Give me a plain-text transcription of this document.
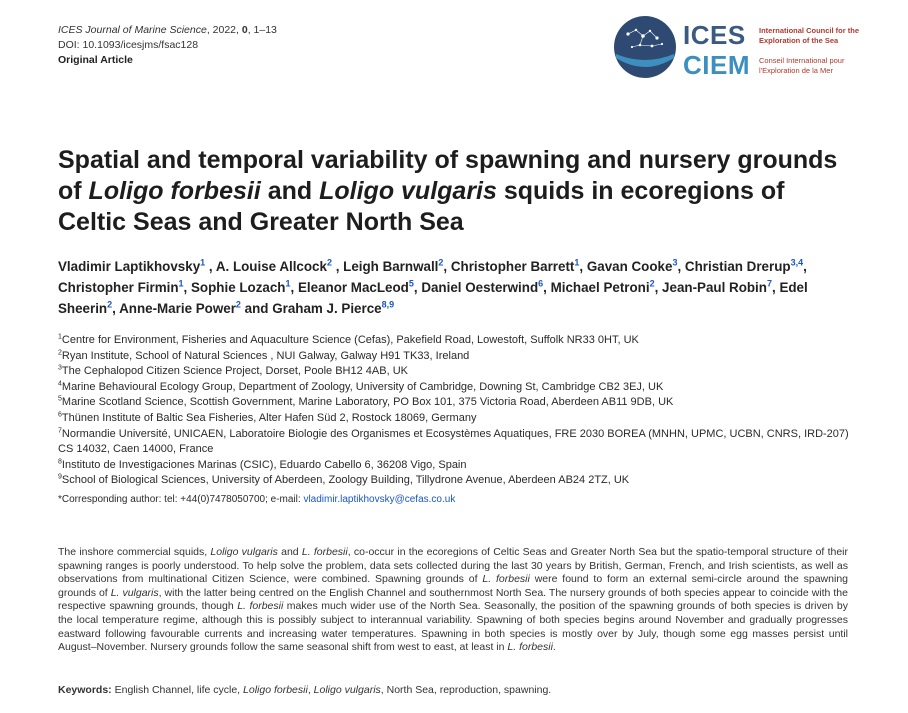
ICES Journal of Marine Science, 2022, 0, 1–13
DOI: 10.1093/icesjms/fsac128
Original Article
ICES
CIEM
International Council for the Exploration of the Sea
Conseil International pour l'Exploration de la Mer
Spatial and temporal variability of spawning and nursery grounds of Loligo forbesii and Loligo vulgaris squids in ecoregions of Celtic Seas and Greater North Sea
Vladimir Laptikhovsky$^1$ , A. Louise Allcock$^2$ , Leigh Barnwall$^2$, Christopher Barrett$^1$, Gavan Cooke$^3$, Christian Drerup$^{3,4}$, Christopher Firmin$^1$, Sophie Lozach$^1$, Eleanor MacLeod$^5$, Daniel Oesterwind$^6$, Michael Petroni$^2$, Jean-Paul Robin$^7$, Edel Sheerin$^2$, Anne-Marie Power$^2$ and Graham J. Pierce$^{8,9}$
$^1$Centre for Environment, Fisheries and Aquaculture Science (Cefas), Pakefield Road, Lowestoft, Suffolk NR33 0HT, UK
$^2$Ryan Institute, School of Natural Sciences , NUI Galway, Galway H91 TK33, Ireland
$^3$The Cephalopod Citizen Science Project, Dorset, Poole BH12 4AB, UK
$^4$Marine Behavioural Ecology Group, Department of Zoology, University of Cambridge, Downing St, Cambridge CB2 3EJ, UK
$^5$Marine Scotland Science, Scottish Government, Marine Laboratory, PO Box 101, 375 Victoria Road, Aberdeen AB11 9DB, UK
$^6$Thünen Institute of Baltic Sea Fisheries, Alter Hafen Süd 2, Rostock 18069, Germany
$^7$Normandie Université, UNICAEN, Laboratoire Biologie des Organismes et Ecosystèmes Aquatiques, FRE 2030 BOREA (MNHN, UPMC, UCBN, CNRS, IRD-207) CS 14032, Caen 14000, France
$^8$Instituto de Investigaciones Marinas (CSIC), Eduardo Cabello 6, 36208 Vigo, Spain
$^9$School of Biological Sciences, University of Aberdeen, Zoology Building, Tillydrone Avenue, Aberdeen AB24 2TZ, UK
*Corresponding author: tel: +44(0)7478050700; e-mail: vladimir.laptikhovsky@cefas.co.uk
The inshore commercial squids, Loligo vulgaris and L. forbesii, co-occur in the ecoregions of Celtic Seas and Greater North Sea but the spatio-temporal structure of their spawning ranges is poorly understood. To help solve the problem, data sets collected during the last 30 years by British, German, French, and Irish scientists, as well as observations from multinational Citizen Science, were combined. Spawning grounds of L. forbesii were found to form an external semi-circle around the spawning grounds of L. vulgaris, with the latter being centred on the English Channel and southernmost North Sea. The nursery grounds of both species appear to coincide with the respective spawning grounds, though L. forbesii makes much wider use of the North Sea. Seasonally, the position of the spawning grounds of both species is driven by the local temperature regime, although this is possibly subject to interannual variability. Spawning of both species begins around November and gradually progresses eastward following favourable currents and increasing water temperatures. Spawning in both species is mostly over by July, though some egg masses persist until August–November. Nursery grounds follow the same seasonal shift from west to east, at least in L. forbesii.
Keywords: English Channel, life cycle, Loligo forbesii, Loligo vulgaris, North Sea, reproduction, spawning.
